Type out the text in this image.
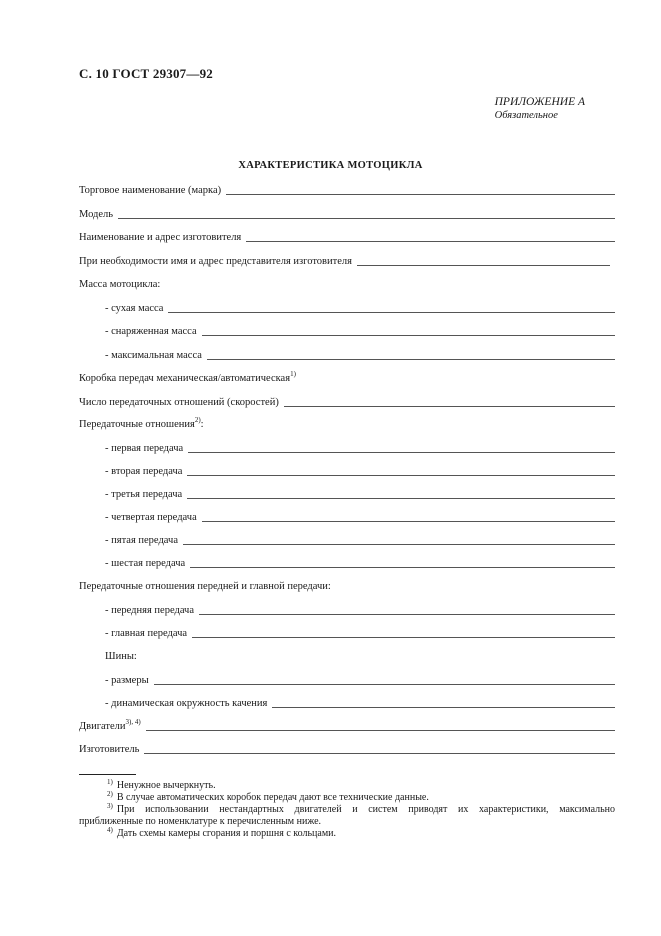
С. 10 ГОСТ 29307—92
ПРИЛОЖЕНИЕ А
Обязательное
ХАРАКТЕРИСТИКА МОТОЦИКЛА
Торговое наименование (марка)
Модель
Наименование и адрес изготовителя
При необходимоcти имя и адрес представителя изготовителя
Масса мотоцикла:
- сухая масса
- снаряженная масса
- максимальная масса
Коробка передач механическая/автоматическая$^{1)}$
Число передаточных отношений (скоростей)
Передаточные отношения$^{2)}$:
- первая передача
- вторая передача
- третья передача
- четвертая передача
- пятая передача
- шестая передача
Передаточные отношения передней и главной передачи:
- передняя передача
- главная передача
Шины:
- размеры
- динамическая окружность качения
Двигатели$^{3), 4)}$
Изготовитель
$^{1)}$ Ненужное вычеркнуть.
$^{2)}$ В случае автоматических коробок передач дают все технические данные.
$^{3)}$ При использовании нестандартных двигателей и систем приводят их характеристики, максимально
приближенные по номенклатуре к перечисленным ниже.
$^{4)}$ Дать схемы камеры сгорания и поршня с кольцами.
